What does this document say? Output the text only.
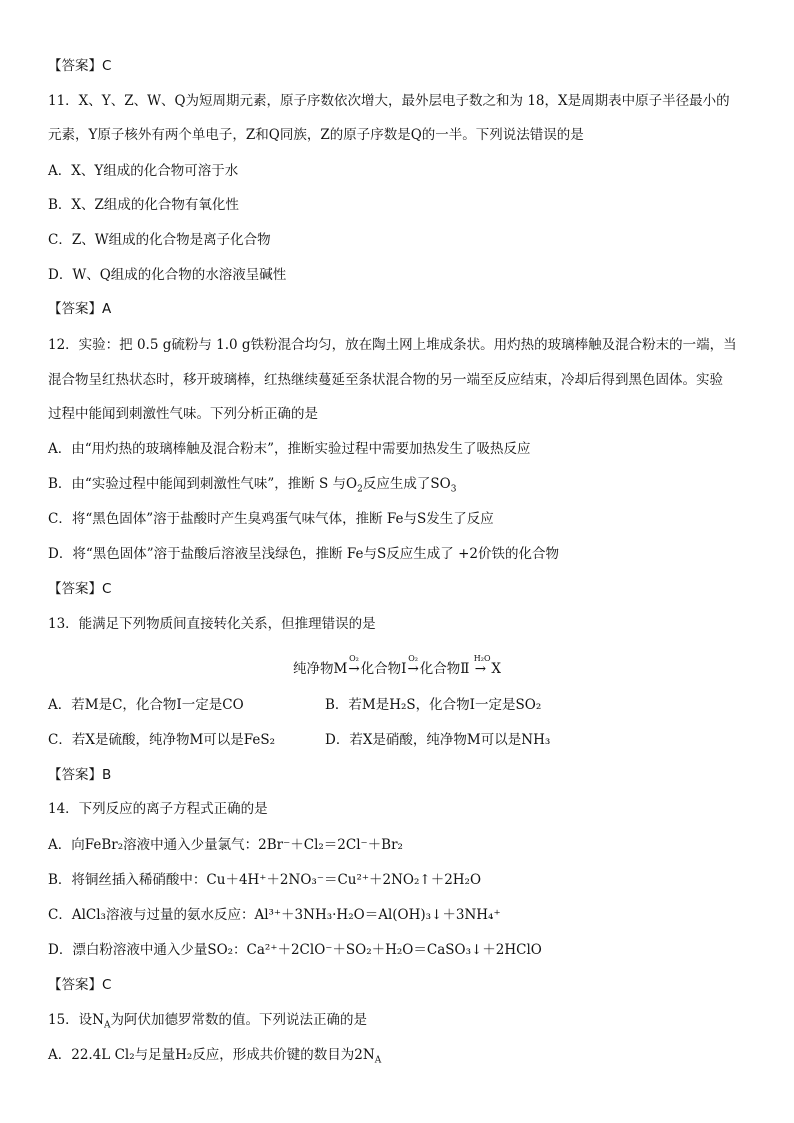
【答案】C
11．X、Y、Z、W、Q为短周期元素，原子序数依次增大，最外层电子数之和为 18，X是周期表中原子半径最小的
元素，Y原子核外有两个单电子，Z和Q同族，Z的原子序数是Q的一半。下列说法错误的是
A．X、Y组成的化合物可溶于水
B．X、Z组成的化合物有氧化性
C．Z、W组成的化合物是离子化合物
D．W、Q组成的化合物的水溶液呈碱性
【答案】A
12．实验：把 0.5 g硫粉与 1.0 g铁粉混合均匀，放在陶土网上堆成条状。用灼热的玻璃棒触及混合粉末的一端，当
混合物呈红热状态时，移开玻璃棒，红热继续蔓延至条状混合物的另一端至反应结束，冷却后得到黑色固体。实验
过程中能闻到刺激性气味。下列分析正确的是
A．由“用灼热的玻璃棒触及混合粉末”，推断实验过程中需要加热发生了吸热反应
B．由“实验过程中能闻到刺激性气味”，推断 S 与$O_2$反应生成了$SO_3$
C．将“黑色固体”溶于盐酸时产生臭鸡蛋气味气体，推断 Fe与S发生了反应
D．将“黑色固体”溶于盐酸后溶液呈浅绿色，推断 Fe与S反应生成了 +2价铁的化合物
【答案】C
13．能满足下列物质间直接转化关系，但推理错误的是
纯净物M
O₂
→化合物Ⅰ
O₂
→化合物Ⅱ
H₂O
→ X
A．若M是C，化合物Ⅰ一定是CO	B．若M是H₂S，化合物Ⅰ一定是SO₂
C．若X是硫酸，纯净物M可以是FeS₂	D．若X是硝酸，纯净物M可以是NH₃
【答案】B
14．下列反应的离子方程式正确的是
A．向FeBr₂溶液中通入少量氯气：2Br⁻＋Cl₂＝2Cl⁻＋Br₂
B．将铜丝插入稀硝酸中：Cu＋4H⁺＋2NO₃⁻＝Cu²⁺＋2NO₂↑＋2H₂O
C．AlCl₃溶液与过量的氨水反应：Al³⁺＋3NH₃·H₂O＝Al(OH)₃↓＋3NH₄⁺
D．漂白粉溶液中通入少量SO₂：Ca²⁺＋2ClO⁻＋SO₂＋H₂O＝CaSO₃↓＋2HClO
【答案】C
15．设$N_A$为阿伏加德罗常数的值。下列说法正确的是
A．22.4L Cl₂与足量H₂反应，形成共价键的数目为$2N_A$
